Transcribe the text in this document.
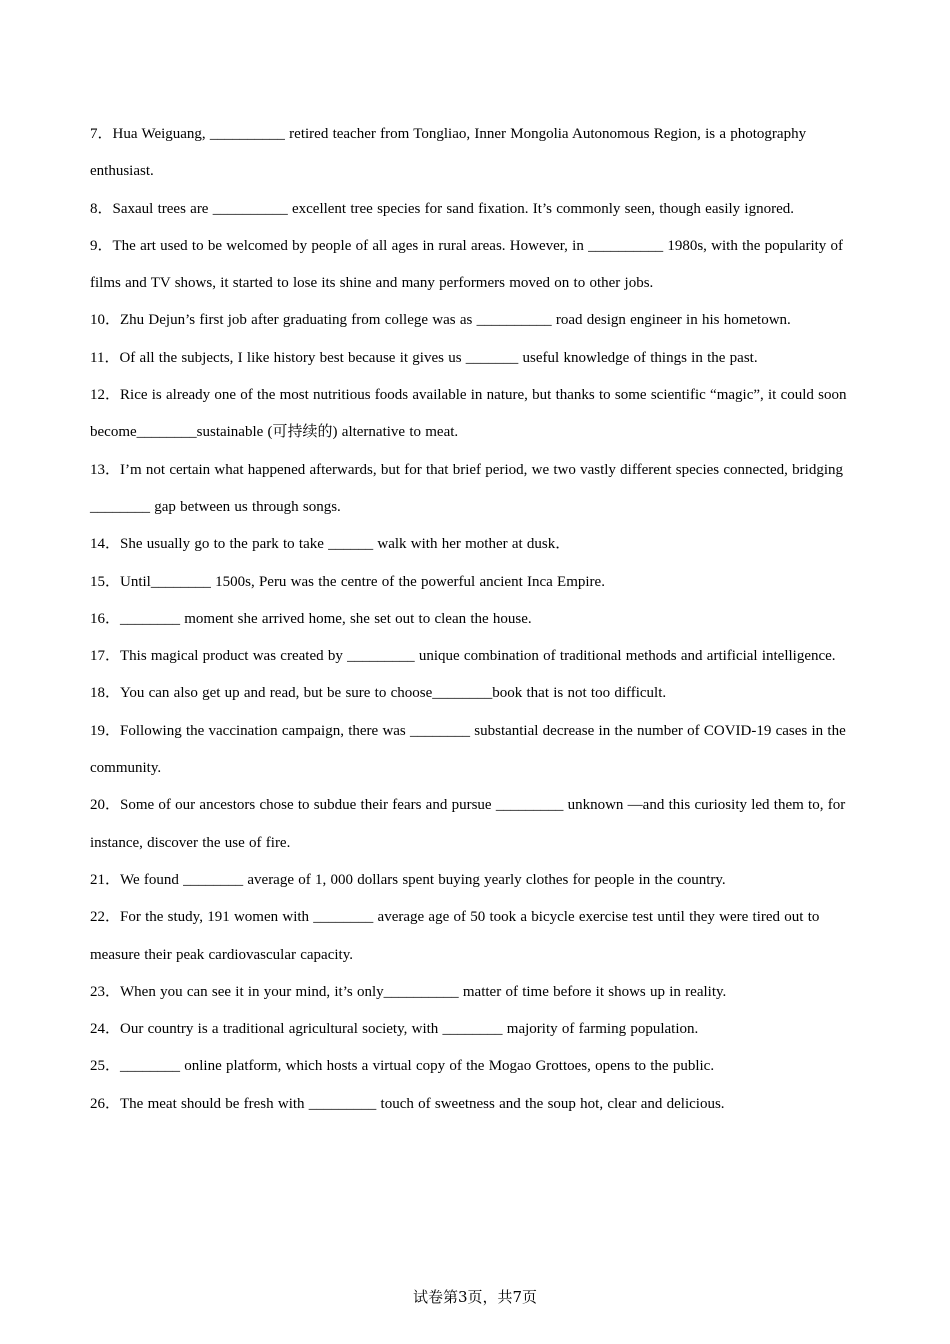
7．Hua Weiguang, __________ retired teacher from Tongliao, Inner Mongolia Autonomous Region, is a photography enthusiast.
8．Saxaul trees are __________ excellent tree species for sand fixation. It’s commonly seen, though easily ignored.
9．The art used to be welcomed by people of all ages in rural areas. However, in __________ 1980s, with the popularity of films and TV shows, it started to lose its shine and many performers moved on to other jobs.
10．Zhu Dejun’s first job after graduating from college was as __________ road design engineer in his hometown.
11．Of all the subjects, I like history best because it gives us _______ useful knowledge of things in the past.
12．Rice is already one of the most nutritious foods available in nature, but thanks to some scientific “magic”, it could soon become________sustainable (可持续的) alternative to meat.
13．I’m not certain what happened afterwards, but for that brief period, we two vastly different species connected, bridging ________ gap between us through songs.
14．She usually go to the park to take ______ walk with her mother at dusk．
15．Until________ 1500s, Peru was the centre of the powerful ancient Inca Empire.
16．________ moment she arrived home, she set out to clean the house.
17．This magical product was created by _________ unique combination of traditional methods and artificial intelligence.
18．You can also get up and read, but be sure to choose________book that is not too difficult.
19．Following the vaccination campaign, there was ________ substantial decrease in the number of COVID-19 cases in the community.
20．Some of our ancestors chose to subdue their fears and pursue _________ unknown —and this curiosity led them to, for instance, discover the use of fire.
21．We found ________ average of 1, 000 dollars spent buying yearly clothes for people in the country.
22．For the study, 191 women with ________ average age of 50 took a bicycle exercise test until they were tired out to measure their peak cardiovascular capacity.
23．When you can see it in your mind, it’s only__________ matter of time before it shows up in reality.
24．Our country is a traditional agricultural society, with ________ majority of farming population.
25．________ online platform, which hosts a virtual copy of the Mogao Grottoes, opens to the public.
26．The meat should be fresh with _________ touch of sweetness and the soup hot, clear and delicious.
试卷第3页，共7页
